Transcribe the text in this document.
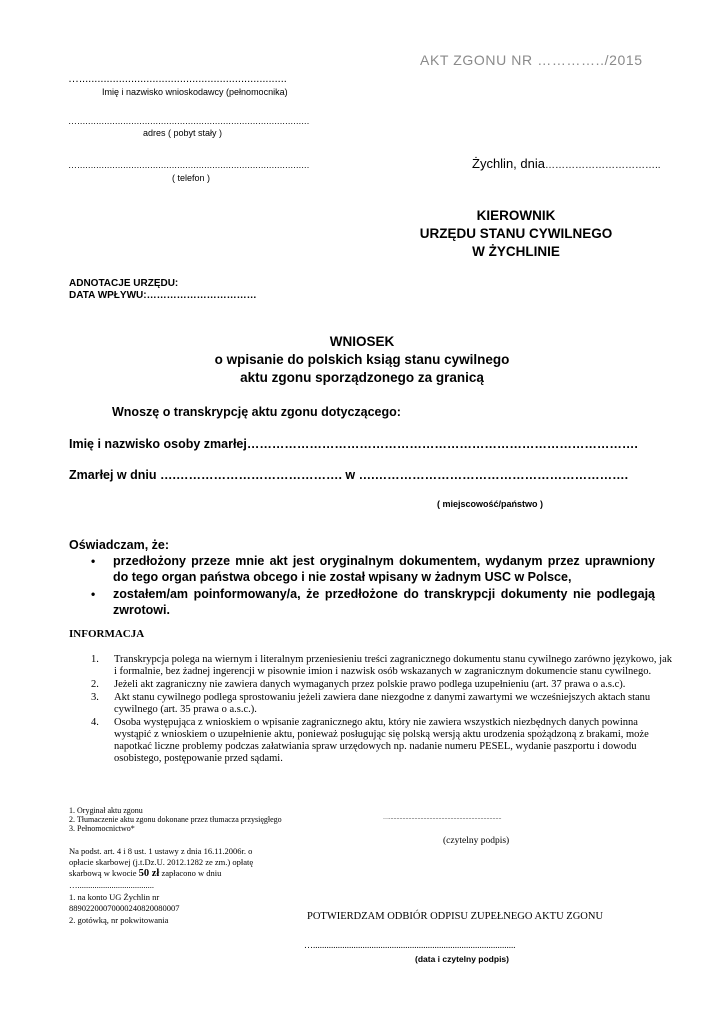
AKT ZGONU NR …………../2015
…....................................................................
Imię i nazwisko wnioskodawcy (pełnomocnika)
…......................................................................................
adres ( pobyt stały )
…......................................................................................
( telefon )
Żychlin, dnia……………………………..
KIEROWNIK
URZĘDU STANU CYWILNEGO
W ŻYCHLINIE
ADNOTACJE URZĘDU:
DATA WPŁYWU:……………………………
WNIOSEK
o wpisanie do polskich ksiąg stanu cywilnego
aktu zgonu sporządzonego za granicą
Wnoszę o transkrypcję aktu zgonu dotyczącego:
Imię i nazwisko osoby zmarłej………………………………………………………………………………….
Zmarłej w dniu ….…………………………………. w ….…………………………………………………….
( miejscowość/państwo )
Oświadczam, że:
• przedłożony przeze mnie akt jest oryginalnym dokumentem, wydanym przez uprawniony do tego organ państwa obcego i nie został wpisany w żadnym USC w Polsce,
• zostałem/am poinformowany/a, że przedłożone do transkrypcji dokumenty nie podlegają zwrotowi.
INFORMACJA
1. Transkrypcja polega na wiernym i literalnym przeniesieniu treści zagranicznego dokumentu stanu cywilnego zarówno językowo, jak i formalnie, bez żadnej ingerencji w pisownie imion i nazwisk osób wskazanych w zagranicznym dokumencie stanu cywilnego.
2. Jeżeli akt zagraniczny nie zawiera danych wymaganych przez polskie prawo podlega uzupełnieniu (art. 37 prawa o a.s.c).
3. Akt stanu cywilnego podlega sprostowaniu jeżeli zawiera dane niezgodne z danymi zawartymi we wcześniejszych aktach stanu cywilnego (art. 35 prawa o a.s.c.).
4. Osoba występująca z wnioskiem o wpisanie zagranicznego aktu, który nie zawiera wszystkich niezbędnych danych powinna wystąpić z wnioskiem o uzupełnienie aktu, ponieważ posługując się polską wersją aktu urodzenia spożądzoną z brakami, może napotkać liczne problemy podczas załatwiania spraw urzędowych np. nadanie numeru PESEL, wydanie paszportu i dowodu osobistego, postępowanie przed sądami.
1. Oryginał aktu zgonu
2. Tłumaczenie aktu zgonu dokonane przez tłumacza przysięgłego
3. Pełnomocnictwo*
…...........................................................................
(czytelny podpis)
Na podst. art. 4 i 8 ust. 1 ustawy z dnia 16.11.2006r. o
opłacie skarbowej (j.t.Dz.U. 2012.1282 ze zm.) opłatę
skarbową w kwocie 50 zł zapłacono w dniu
…....................................
1. na konto UG Żychlin nr
88902200070000240820080007
2. gotówką, nr pokwitowania	POTWIERDZAM ODBIÓR ODPISU ZUPEŁNEGO AKTU ZGONU
…..........................................................................................
(data i czytelny podpis)
